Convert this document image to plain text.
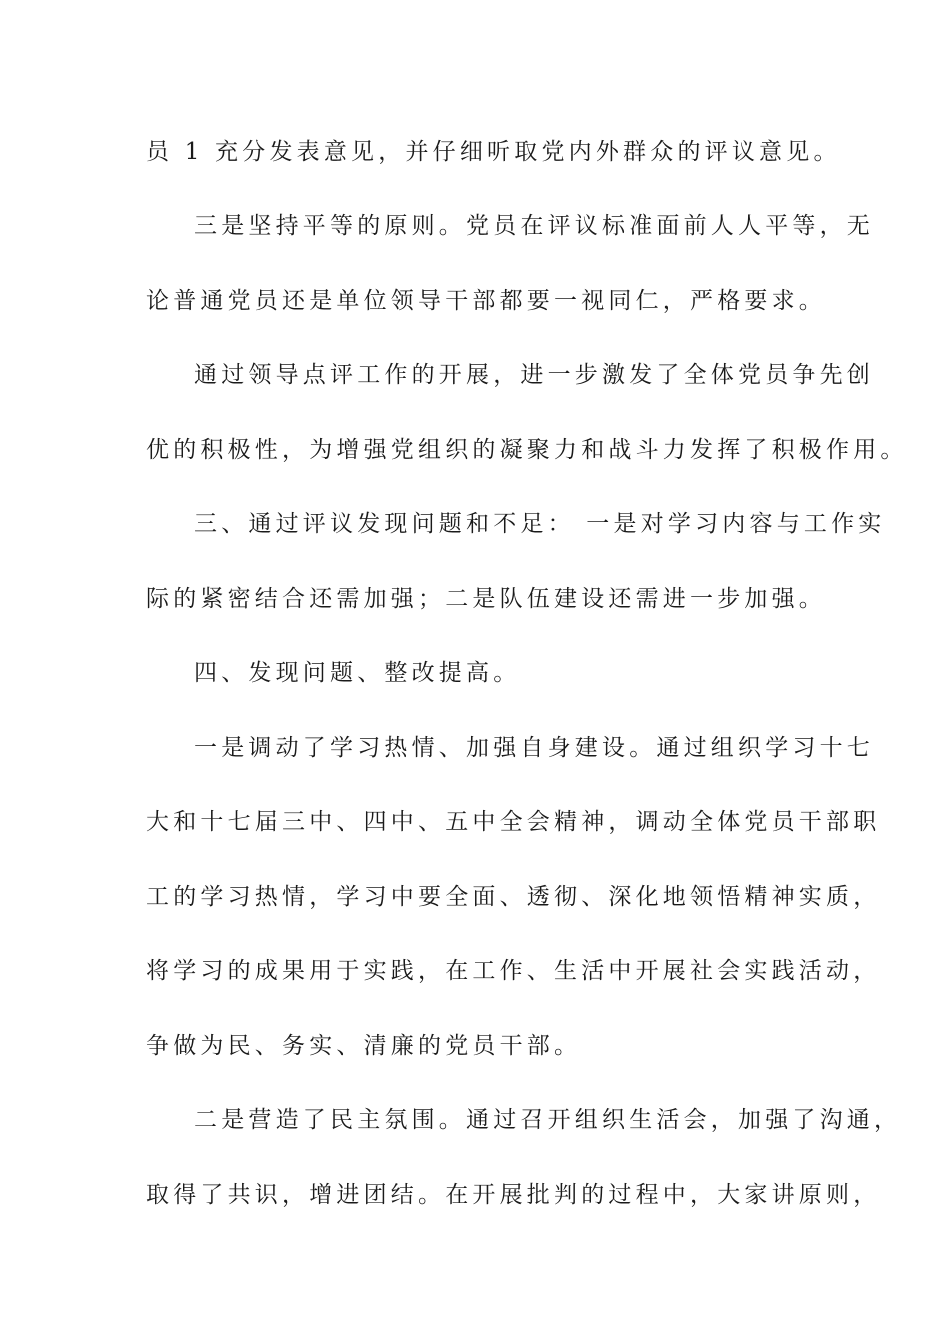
员 1 充分发表意见，并仔细听取党内外群众的评议意见。
三是坚持平等的原则。党员在评议标准面前人人平等，无
论普通党员还是单位领导干部都要一视同仁，严格要求。
通过领导点评工作的开展，进一步激发了全体党员争先创
优的积极性，为增强党组织的凝聚力和战斗力发挥了积极作用。
三、通过评议发现问题和不足： 一是对学习内容与工作实
际的紧密结合还需加强；二是队伍建设还需进一步加强。
四、发现问题、整改提高。
一是调动了学习热情、加强自身建设。通过组织学习十七
大和十七届三中、四中、五中全会精神，调动全体党员干部职
工的学习热情，学习中要全面、透彻、深化地领悟精神实质，
将学习的成果用于实践，在工作、生活中开展社会实践活动，
争做为民、务实、清廉的党员干部。
二是营造了民主氛围。通过召开组织生活会，加强了沟通，
取得了共识，增进团结。在开展批判的过程中，大家讲原则，
